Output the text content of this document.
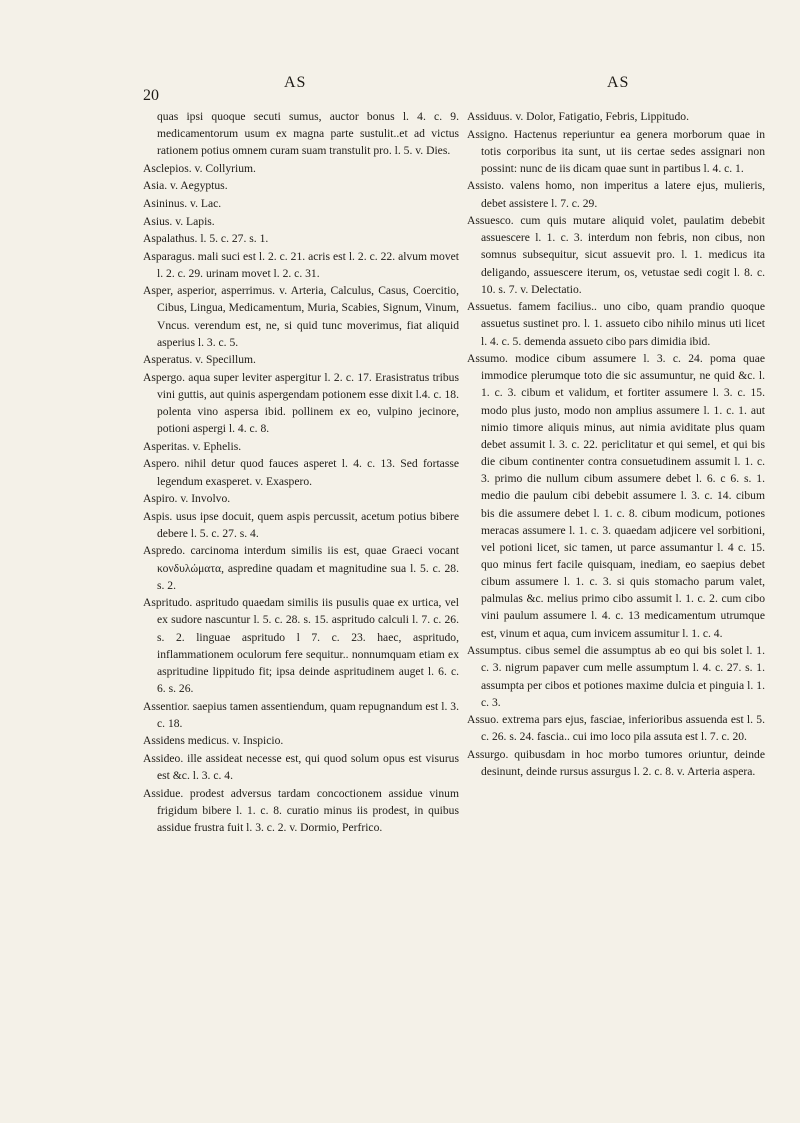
20
AS	AS

quas ipsi quoque secuti sumus, auctor bonus l. 4. c. 9. medicamentorum usum ex magna parte sustulit..et ad victus rationem potius omnem curam suam transtulit pro. l. 5. v. Dies.

Asclepios. v. Collyrium.

Asia. v. Aegyptus.

Asininus. v. Lac.

Asius. v. Lapis.

Aspalathus. l. 5. c. 27. s. 1.

Asparagus. mali suci est l. 2. c. 21. acris est l. 2. c. 22. alvum movet l. 2. c. 29. urinam movet l. 2. c. 31.

Asper, asperior, asperrimus. v. Arteria, Calculus, Casus, Coercitio, Cibus, Lingua, Medicamentum, Muria, Scabies, Signum, Vinum, Vncus. verendum est, ne, si quid tunc moverimus, fiat aliquid asperius l. 3. c. 5.

Asperatus. v. Specillum.

Aspergo. aqua super leviter aspergitur l. 2. c. 17. Erasistratus tribus vini guttis, aut quinis aspergendam potionem esse dixit l.4. c. 18. polenta vino aspersa ibid. pollinem ex eo, vulpino jecinore, potioni aspergi l. 4. c. 8.

Asperitas. v. Ephelis.

Aspero. nihil detur quod fauces asperet l. 4. c. 13. Sed fortasse legendum exasperet. v. Exaspero.

Aspiro. v. Involvo.

Aspis. usus ipse docuit, quem aspis percussit, acetum potius bibere debere l. 5. c. 27. s. 4.

Aspredo. carcinoma interdum similis iis est, quae Graeci vocant κονδυλώματα, aspredine quadam et magnitudine sua l. 5. c. 28. s. 2.

Aspritudo. aspritudo quaedam similis iis pusulis quae ex urtica, vel ex sudore nascuntur l. 5. c. 28. s. 15. aspritudo calculi l. 7. c. 26. s. 2. linguae aspritudo l 7. c. 23. haec, aspritudo, inflammationem oculorum fere sequitur.. nonnumquam etiam ex aspritudine lippitudo fit; ipsa deinde aspritudinem auget l. 6. c. 6. s. 26.

Assentior. saepius tamen assentiendum, quam repugnandum est l. 3. c. 18.

Assidens medicus. v. Inspicio.

Assideo. ille assideat necesse est, qui quod solum opus est visurus est &c. l. 3. c. 4.

Assidue. prodest adversus tardam concoctionem assidue vinum frigidum bibere l. 1. c. 8. curatio minus iis prodest, in quibus assidue frustra fuit l. 3. c. 2. v. Dormio, Perfrico.

Assiduus. v. Dolor, Fatigatio, Febris, Lippitudo.

Assigno. Hactenus reperiuntur ea genera morborum quae in totis corporibus ita sunt, ut iis certae sedes assignari non possint: nunc de iis dicam quae sunt in partibus l. 4. c. 1.

Assisto. valens homo, non imperitus a latere ejus, mulieris, debet assistere l. 7. c. 29.

Assuesco. cum quis mutare aliquid volet, paulatim debebit assuescere l. 1. c. 3. interdum non febris, non cibus, non somnus subsequitur, sicut assuevit pro. l. 1. medicus ita deligando, assuescere iterum, os, vetustae sedi cogit l. 8. c. 10. s. 7. v. Delectatio.

Assuetus. famem facilius.. uno cibo, quam prandio quoque assuetus sustinet pro. l. 1. assueto cibo nihilo minus uti licet l. 4. c. 5. demenda assueto cibo pars dimidia ibid.

Assumo. modice cibum assumere l. 3. c. 24. poma quae immodice plerumque toto die sic assumuntur, ne quid &c. l. 1. c. 3. cibum et validum, et fortiter assumere l. 3. c. 15. modo plus justo, modo non amplius assumere l. 1. c. 1. aut nimio timore aliquis minus, aut nimia aviditate plus quam debet assumit l. 3. c. 22. periclitatur et qui semel, et qui bis die cibum continenter contra consuetudinem assumit l. 1. c. 3. primo die nullum cibum assumere debet l. 6. c 6. s. 1. medio die paulum cibi debebit assumere l. 3. c. 14. cibum bis die assumere debet l. 1. c. 8. cibum modicum, potiones meracas assumere l. 1. c. 3. quaedam adjicere vel sorbitioni, vel potioni licet, sic tamen, ut parce assumantur l. 4 c. 15. quo minus fert facile quisquam, inediam, eo saepius debet cibum assumere l. 1. c. 3. si quis stomacho parum valet, palmulas &c. melius primo cibo assumit l. 1. c. 2. cum cibo vini paulum assumere l. 4. c. 13 medicamentum utrumque est, vinum et aqua, cum invicem assumitur l. 1. c. 4.

Assumptus. cibus semel die assumptus ab eo qui bis solet l. 1. c. 3. nigrum papaver cum melle assumptum l. 4. c. 27. s. 1. assumpta per cibos et potiones maxime dulcia et pinguia l. 1. c. 3.

Assuo. extrema pars ejus, fasciae, inferioribus assuenda est l. 5. c. 26. s. 24. fascia.. cui imo loco pila assuta est l. 7. c. 20.

Assurgo. quibusdam in hoc morbo tumores oriuntur, deinde desinunt, deinde rursus assurgus l. 2. c. 8. v. Arteria aspera.
